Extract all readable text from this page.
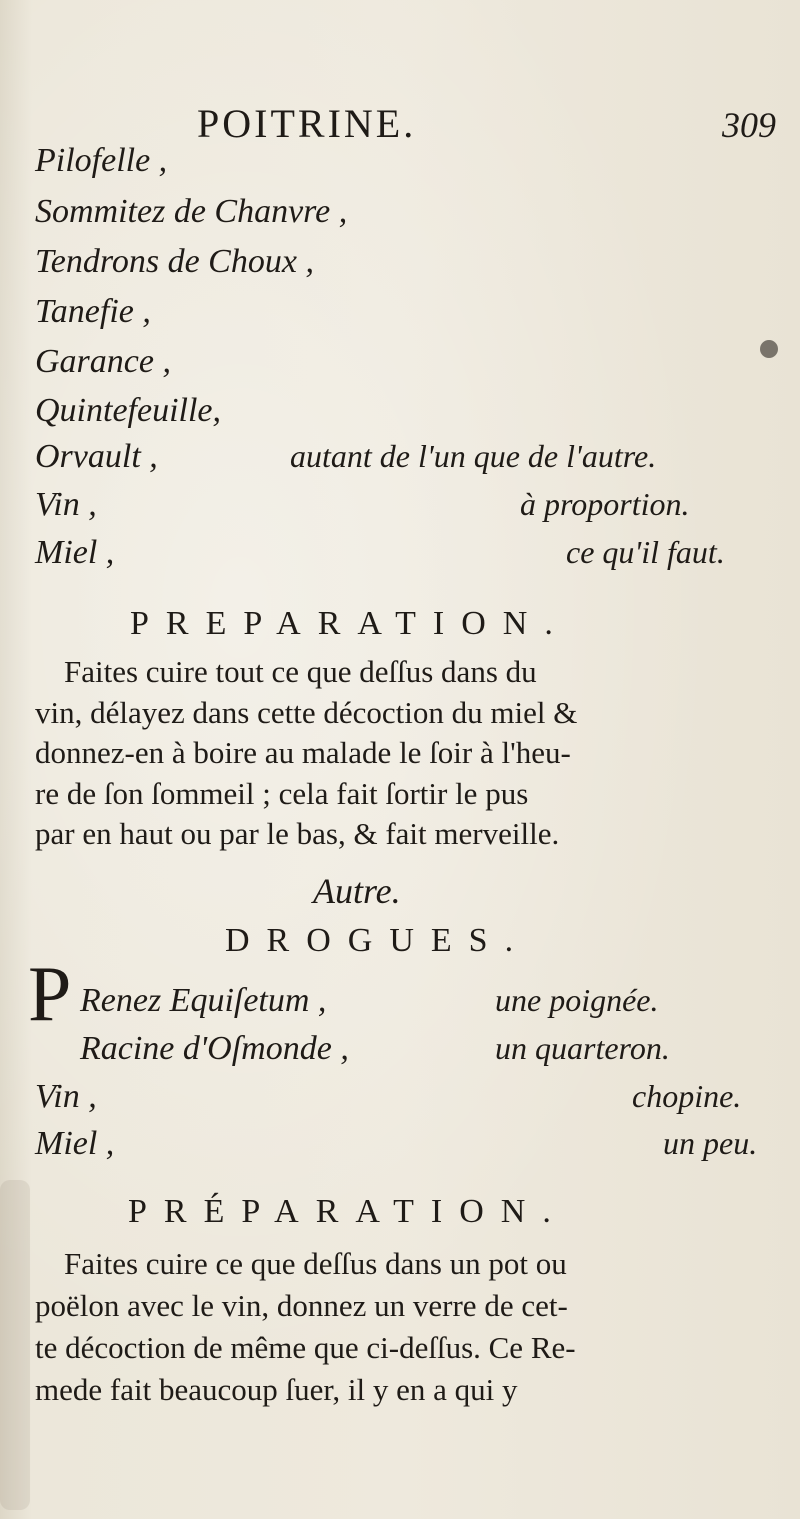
POITRINE.	309
Pilofelle ,
Sommitez de Chanvre ,
Tendrons de Choux ,
Tanefie ,
Garance ,
Quintefeuille,
Orvault ,
Vin ,
Miel ,
autant de l'un que de l'autre.
à proportion.
ce qu'il faut.
PREPARATION.

Faites cuire tout ce que deſſus dans du

vin, délayez dans cette décoction du miel &

donnez-en à boire au malade le ſoir à l'heu-

re de ſon ſommeil ; cela fait ſortir le pus

par en haut ou par le bas, & fait merveille.

Autre.
DROGUES.
P Renez Equiſetum ,
Racine d'Oſmonde ,
Vin ,
Miel ,
une poignée.
un quarteron.
chopine.
un peu.
PRÉPARATION.

Faites cuire ce que deſſus dans un pot ou

poëlon avec le vin, donnez un verre de cet-

te décoction de même que ci-deſſus. Ce Re-

mede fait beaucoup ſuer, il y en a qui y
